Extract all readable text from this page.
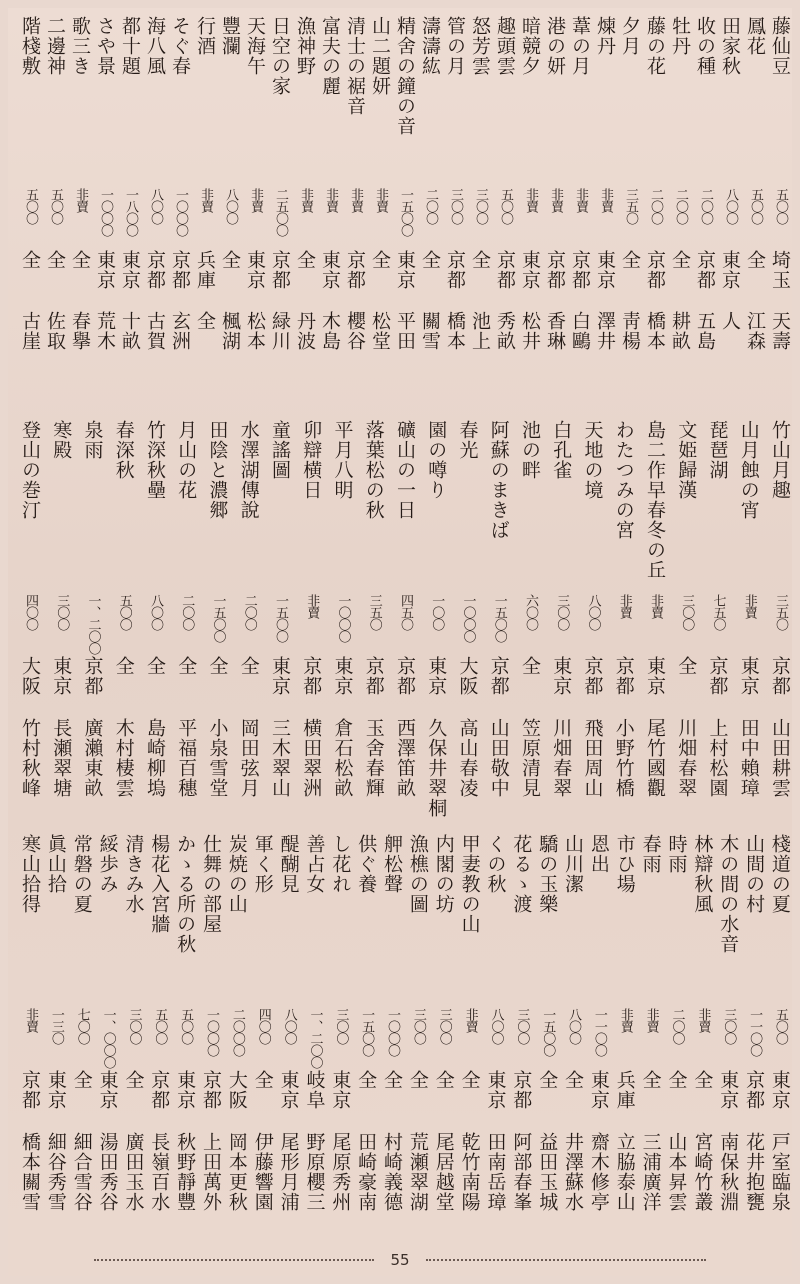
藤仙豆
五〇〇
埼玉
天壽
鳳花
五〇〇
全
江森
田家秋
八〇〇
東京
人
收の種
二〇〇
京都
五島
牡丹
二〇〇
全
耕畝
藤の花
二〇〇
京都
橋本
夕月
三五〇
全
靑楊
煉丹
非賣
東京
澤井
葦の月
非賣
京都
白鷗
港の妍
非賣
京都
香琳
暗競夕
非賣
東京
松井
趣頭雲
五〇〇
京都
秀畝
怒芳雲
三〇〇
全
池上
管の月
三〇〇
京都
橋本
濤濤紘
二〇〇
全
關雪
精舍の鐘の音
一五〇〇
東京
平田
山二題妍
非賣
全
松堂
清士の裾音
非賣
京都
櫻谷
富夫の麗
非賣
東京
木島
漁神野
非賣
全
丹波
日空の家
二五〇〇
京都
緑川
天海午
非賣
東京
松本
豐瀾
八〇〇
全
楓湖
行酒
非賣
兵庫
全
そぐ春
一〇〇〇
京都
玄洲
海八風
八〇〇
京都
古賀
都十題
一八〇〇
東京
十畝
さや景
一〇〇〇
東京
荒木
歌三き
非賣
全
春擧
二邊神
五〇〇
全
佐取
階棧敷
五〇〇
全
古崖
竹山月趣
三五〇
京都
山田耕雲
山月蝕の宵
非賣
東京
田中賴璋
琵琶湖
七五〇
京都
上村松園
文姫歸漢
三〇〇
全
川畑春翠
島二作早春冬の丘
非賣
東京
尾竹國觀
わたつみの宮
非賣
京都
小野竹橋
天地の境
八〇〇
京都
飛田周山
白孔雀
三〇〇
東京
川畑春翠
池の畔
六〇〇
全
笠原清見
阿蘇のまきば
一五〇〇
京都
山田敬中
春光
一〇〇〇
大阪
高山春凌
園の噂り
一〇〇
東京
久保井翠桐
礦山の一日
四五〇
京都
西澤笛畝
落葉松の秋
三五〇
京都
玉舍春輝
平月八明
一〇〇〇
東京
倉石松畝
卯辯横日
非賣
京都
横田翠洲
童謠圖
一五〇〇
東京
三木翠山
水澤湖傳說
二〇〇
全
岡田弦月
田陰と濃郷
一五〇〇
全
小泉雪堂
月山の花
二〇〇
全
平福百穗
竹深秋壘
八〇〇
全
島崎柳塢
春深秋
五〇〇
全
木村棲雲
泉雨
一、二〇〇
京都
廣瀨東畝
寒殿
三〇〇
東京
長瀬翠塘
登山の巻汀
四〇〇
大阪
竹村秋峰
棧道の夏
五〇〇
東京
戸室臨泉
山間の村
一一〇〇
京都
花井抱甕
木の間の水音
三〇〇
東京
南保秋淵
林辯秋風
非賣
全
宮崎竹叢
時雨
二〇〇
全
山本昇雲
春雨
非賣
全
三浦廣洋
市ひ場
非賣
兵庫
立脇泰山
恩出
一一〇〇
東京
齋木修亭
山川潔
八〇〇
全
井澤蘇水
驕の玉樂
一五〇〇
全
益田玉城
花るゝ渡
三〇〇
京都
阿部春峯
くの秋
八〇〇
東京
田南岳璋
甲妻教の山
非賣
全
乾竹南陽
内閣の坊
三〇〇
全
尾居越堂
漁樵の圖
三〇〇
全
荒瀬翠湖
舺松聲
一〇〇〇
全
村崎義德
供ぐ養
一五〇〇
全
田崎豪南
し花れ
三〇〇
東京
尾原秀州
善占女
一、二〇〇
岐阜
野原櫻三
醍醐見
八〇〇
東京
尾形月浦
軍く形
四〇〇
全
伊藤響園
炭焼の山
二〇〇〇
大阪
岡本更秋
仕舞の部屋
一〇〇〇
京都
上田萬外
かゝる所の秋
五〇〇
東京
秋野靜豐
楊花入宮牆
五〇〇
京都
長嶺百水
清きみ水
三〇〇
全
廣田玉水
綏歩み
一、〇〇〇
東京
湯田秀谷
常磐の夏
七〇〇
全
細合雪谷
眞山拾
一三〇
東京
細谷秀雪
寒山拾得
非賣
京都
橋本關雪
55
